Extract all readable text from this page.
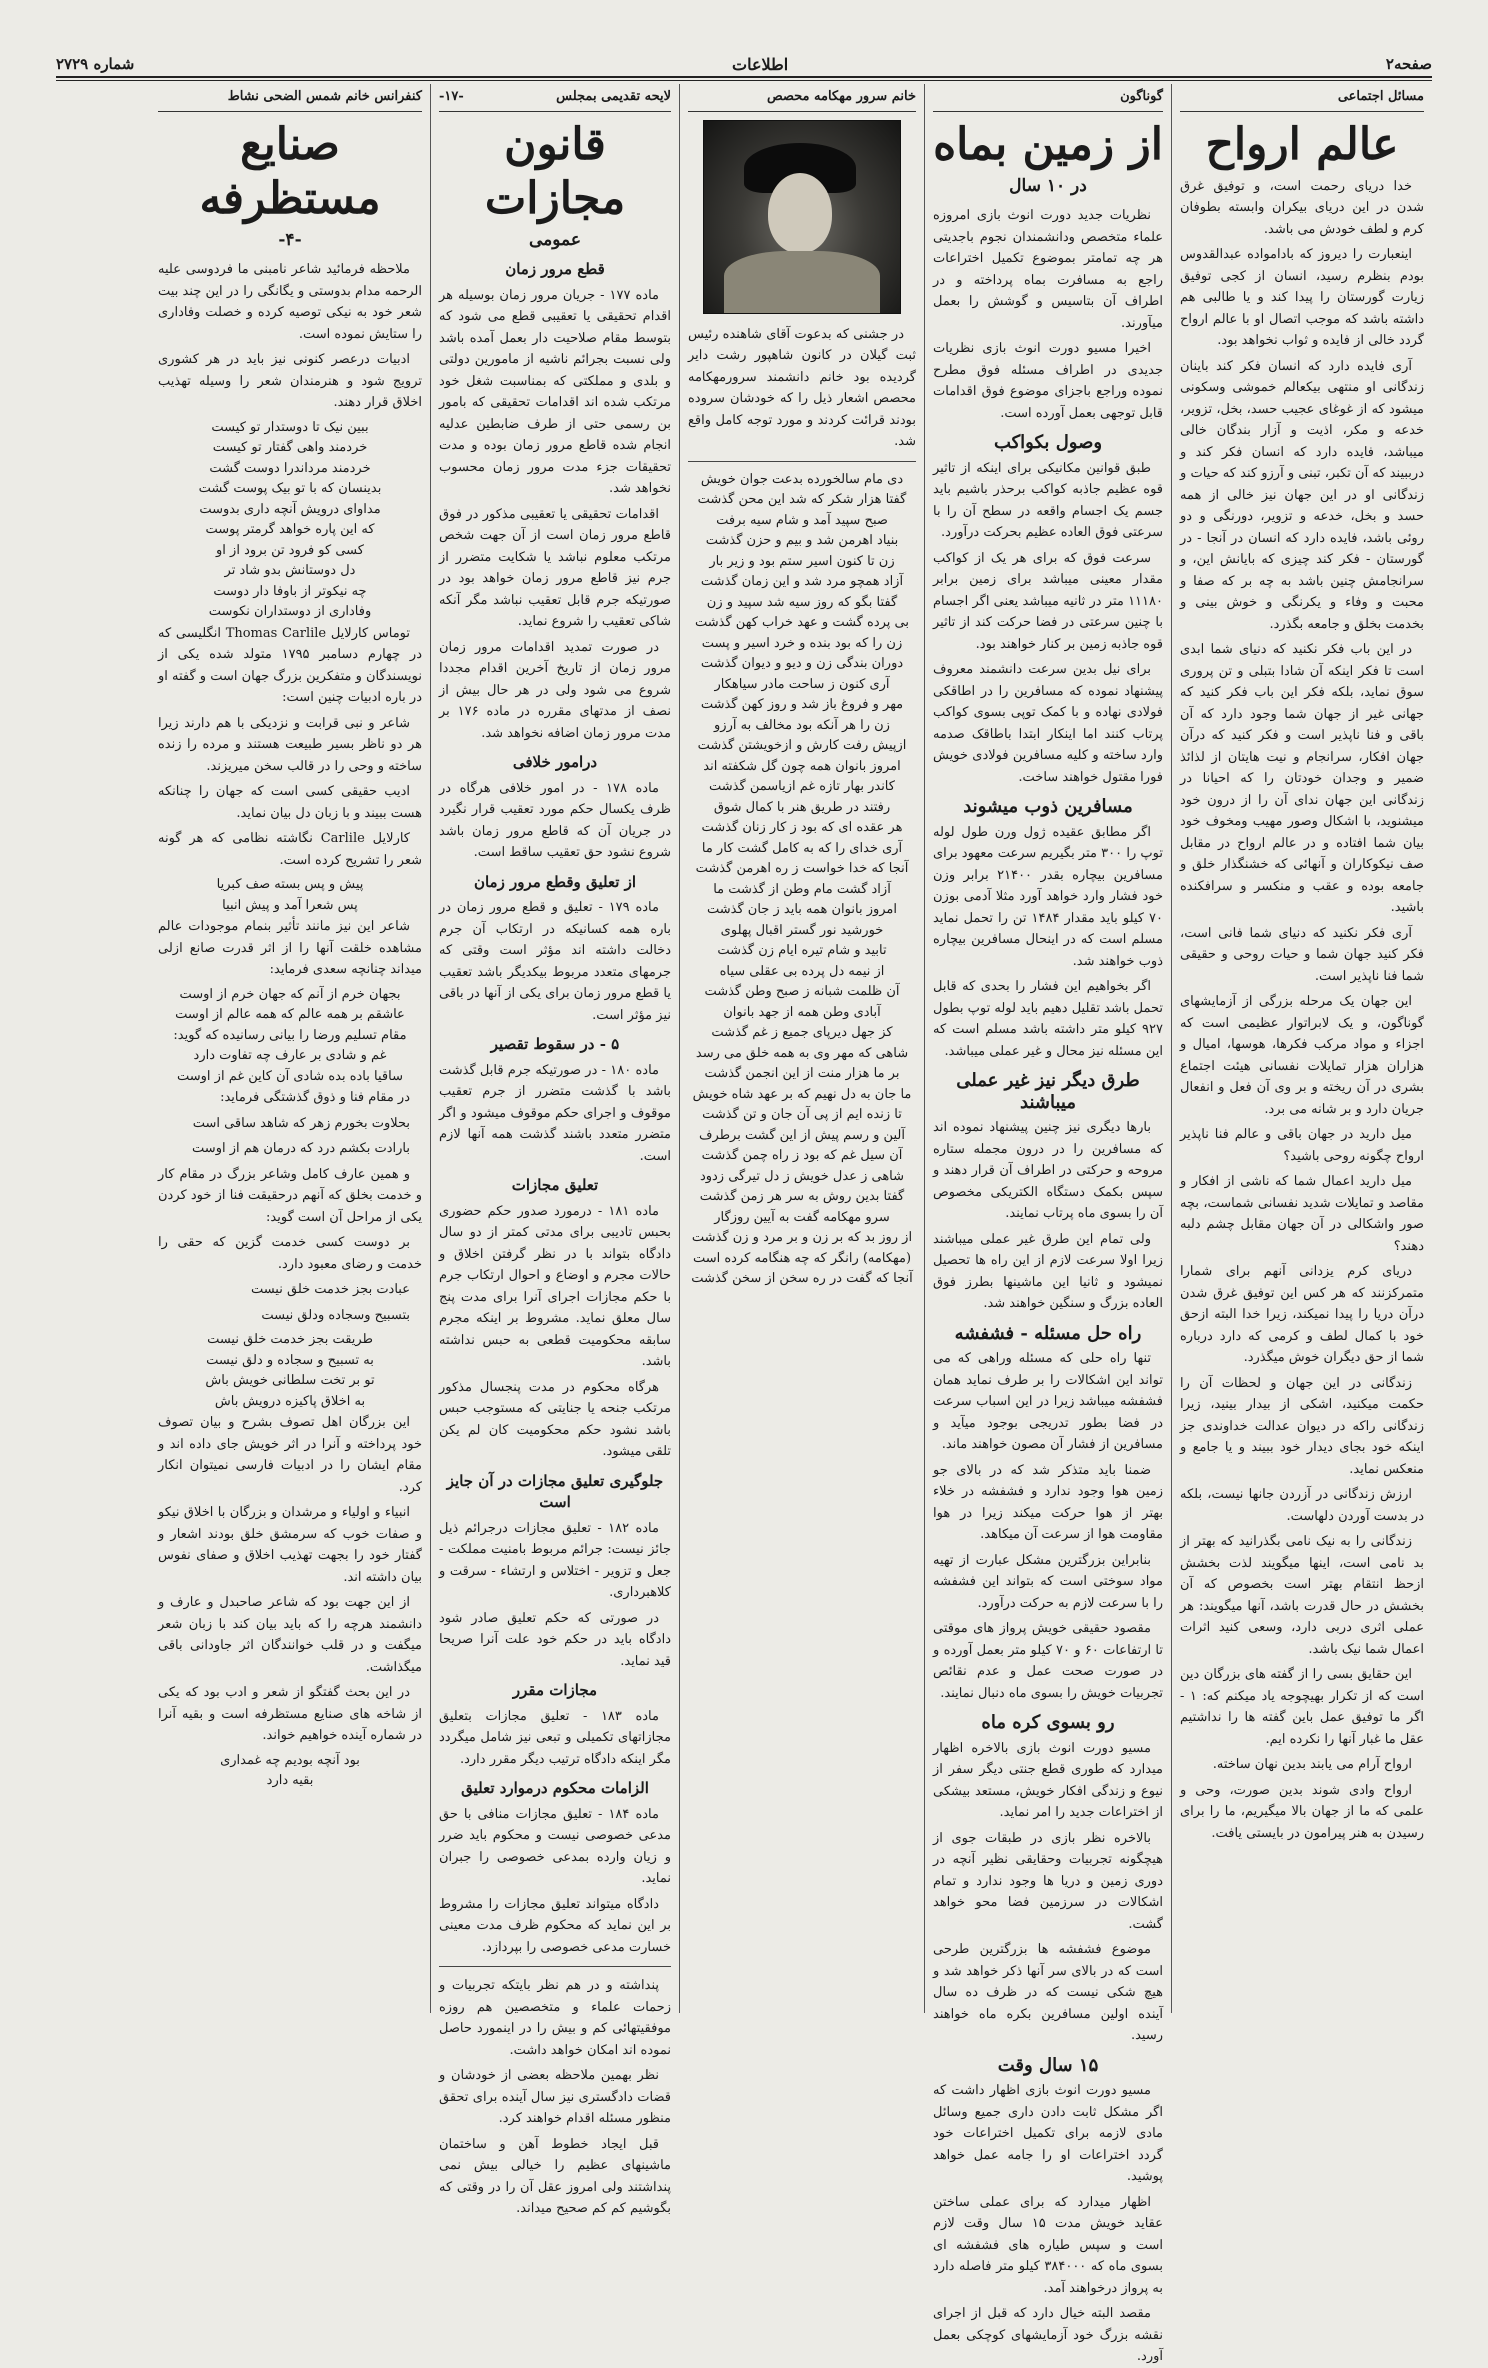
صفحه۲
اطلاعات
شماره ۲۷۲۹
مسائل اجتماعی
عالم ارواح

خدا دریای رحمت است، و توفیق غرق شدن در این دریای بیکران وابسته بطوفان کرم و لطف خودش می باشد.

اینعبارت را دیروز که بادامواده عبدالقدوس بودم بنظرم رسید، انسان از کجی توفیق زیارت گورستان را پیدا کند و یا طالبی هم داشته باشد که موجب اتصال او با عالم ارواح گردد خالی از فایده و ثواب نخواهد بود.

آری فایده دارد که انسان فکر کند باینان زندگانی او منتهی بیکعالم خموشی وسکونی میشود که از غوغای عجیب حسد، بخل، تزویر، خدعه و مکر، اذیت و آزار بندگان خالی میباشد، فایده دارد که انسان فکر کند و درببیند که آن تکبر، تبنی و آرزو کند که حیات و زندگانی او در این جهان نیز خالی از همه حسد و بخل، خدعه و تزویر، دورنگی و دو روئی باشد، فایده دارد که انسان در آنجا - در گورستان - فکر کند چیزی که بایانش این، و سرانجامش چنین باشد به چه بر که صفا و محبت و وفاء و یکرنگی و خوش بینی و بخدمت بخلق و جامعه بگذرد.

در این باب فکر نکنید که دنیای شما ابدی است تا فکر اینکه آن شادا بتبلی و تن پروری سوق نماید، بلکه فکر این باب فکر کنید که جهانی غیر از جهان شما وجود دارد که آن باقی و فنا ناپذیر است و فکر کنید که درآن جهان افکار، سرانجام و نیت هایتان از لذائذ ضمیر و وجدان خودتان را که احیانا در زندگانی این جهان ندای آن را از درون خود میشنوید، با اشکال وصور مهیب ومخوف خود بیان شما افتاده و در عالم ارواح در مقابل صف نیکوکاران و آنهائی که خشنگذار خلق و جامعه بوده و عقب و منکسر و سرافکنده باشید.

آری فکر نکنید که دنیای شما فانی است، فکر کنید جهان شما و حیات روحی و حقیقی شما فنا ناپذیر است.

این جهان یک مرحله بزرگی از آزمایشهای گوناگون، و یک لابراتوار عظیمی است که اجزاء و مواد مرکب فکرها، هوسها، امیال و هزاران هزار تمایلات نفسانی هیئت اجتماع بشری در آن ریخته و بر وی آن فعل و انفعال جریان دارد و بر شانه می برد.

میل دارید در جهان باقی و عالم فنا ناپذیر ارواح چگونه روحی باشید؟

میل دارید اعمال شما که ناشی از افکار و مقاصد و تمایلات شدید نفسانی شماست، بچه صور واشکالی در آن جهان مقابل چشم دلبه دهند؟

دریای کرم یزدانی آنهم برای شمارا متمرکزنند که هر کس این توفیق غرق شدن درآن دریا را پیدا نمیکند، زیرا خدا البته ازحق خود با کمال لطف و کرمی که دارد درباره شما از حق دیگران خوش میگذرد.

زندگانی در این جهان و لحظات آن را حکمت میکنید، اشکی از بیدار بینید، زیرا زندگانی راکه در دیوان عدالت خداوندی جز اینکه خود بجای دیدار خود ببیند و یا جامع و منعکس نماید.

ارزش زندگانی در آزردن جانها نیست، بلکه در بدست آوردن دلهاست.

زندگانی را به نیک نامی بگذرانید که بهتر از بد نامی است، اینها میگویند لذت بخشش ازحظ انتقام بهتر است بخصوص که آن بخشش در حال قدرت باشد، آنها میگویند: هر عملی اثری دربی دارد، وسعی کنید اثرات اعمال شما نیک باشد.

این حقایق بسی را از گفته های بزرگان دین است که از تکرار بهیچوجه یاد میکنم که: ۱ - اگر ما توفیق عمل باین گفته ها را نداشتیم عقل ما غبار آنها را نکرده ایم.

ارواح آرام می یابند بدین نهان ساخته.

ارواح وادی شوند بدین صورت، وحی و علمی که ما از جهان بالا میگیریم، ما را برای رسیدن به هنر پیرامون در بایستی یافت.

گوناگون
از زمین بماه
در ۱۰ سال

نظریات جدید دورت انوث بازی امروزه علماء متخصص ودانشمندان نجوم باجدیتی هر چه تمامتر بموضوع تکمیل اختراعات راجع به مسافرت بماه پرداخته و در اطراف آن بتاسیس و گوشش را بعمل میآورند.

اخیرا مسیو دورت انوث بازی نظریات جدیدی در اطراف مسئله فوق مطرح نموده وراجع باجزای موضوع فوق اقدامات قابل توجهی بعمل آورده است.

وصول بکواکب

طبق قوانین مکانیکی برای اینکه از تاثیر قوه عظیم جاذبه کواکب برحذر باشیم باید جسم یک اجسام واقعه در سطح آن را با سرعتی فوق العاده عظیم بحرکت درآورد.

سرعت فوق که برای هر یک از کواکب مقدار معینی میباشد برای زمین برابر ۱۱۱۸۰ متر در ثانیه میباشد یعنی اگر اجسام با چنین سرعتی در فضا حرکت کند از تاثیر قوه جاذبه زمین بر کنار خواهند بود.

برای نیل بدین سرعت دانشمند معروف پیشنهاد نموده که مسافرین را در اطاقکی فولادی نهاده و با کمک توپی بسوی کواکب پرتاب کنند اما اینکار ابتدا باطاقک صدمه وارد ساخته و کلیه مسافرین فولادی خویش فورا مقتول خواهند ساخت.

مسافرین ذوب میشوند

اگر مطابق عقیده ژول ورن طول لوله توپ را ۳۰۰ متر بگیریم سرعت معهود برای مسافرین بیچاره بقدر ۲۱۴۰۰ برابر وزن خود فشار وارد خواهد آورد مثلا آدمی بوزن ۷۰ کیلو باید مقدار ۱۴۸۴ تن را تحمل نماید مسلم است که در اینحال مسافرین بیچاره ذوب خواهند شد.

اگر بخواهیم این فشار را بحدی که قابل تحمل باشد تقلیل دهیم باید لوله توپ بطول ۹۲۷ کیلو متر داشته باشد مسلم است که این مسئله نیز محال و غیر عملی میباشد.

طرق دیگر نیز غیر عملی میباشند

بارها دیگری نیز چنین پیشنهاد نموده اند که مسافرین را در درون مجمله ستاره مروحه و حرکتی در اطراف آن قرار دهند و سپس بکمک دستگاه الکتریکی مخصوص آن را بسوی ماه پرتاب نمایند.

ولی تمام این طرق غیر عملی میباشند زیرا اولا سرعت لازم از این راه ها تحصیل نمیشود و ثانیا این ماشینها بطرز فوق العاده بزرگ و سنگین خواهند شد.

راه حل مسئله - فشفشه

تنها راه حلی که مسئله وراهی که می تواند این اشکالات را بر طرف نماید همان فشفشه میباشد زیرا در این اسباب سرعت در فضا بطور تدریجی بوجود میآید و مسافرین از فشار آن مصون خواهند ماند.

ضمنا باید متذکر شد که در بالای جو زمین هوا وجود ندارد و فشفشه در خلاء بهتر از هوا حرکت میکند زیرا در هوا مقاومت هوا از سرعت آن میکاهد.

بنابراین بزرگترین مشکل عبارت از تهیه مواد سوختی است که بتواند این فشفشه را با سرعت لازم به حرکت درآورد.

مقصود حقیقی خویش پرواز های موقتی تا ارتفاعات ۶۰ و ۷۰ کیلو متر بعمل آورده و در صورت صحت عمل و عدم نقائص تجربیات خویش را بسوی ماه دنبال نمایند.

رو بسوی کره ماه

مسیو دورت انوث بازی بالاخره اظهار میدارد که طوری قطع جنتی دیگر سفر از نیوع و زندگی افکار خویش، مستعد بیشکی از اختراعات جدید را امر نماید.

بالاخره نظر بازی در طبقات جوی از هیچگونه تجربیات وحقایقی نظیر آنچه در دوری زمین و دریا ها وجود ندارد و تمام اشکالات در سرزمین فضا محو خواهد گشت.

موضوع فشفشه ها بزرگترین طرحی است که در بالای سر آنها ذکر خواهد شد و هیچ شکی نیست که در ظرف ده سال آینده اولین مسافرین بکره ماه خواهند رسید.

۱۵ سال وقت

مسیو دورت انوث بازی اظهار داشت که اگر مشکل ثابت دادن داری جمیع وسائل مادی لازمه برای تکمیل اختراعات خود گردد اختراعات او را جامه عمل خواهد پوشید.

اظهار میدارد که برای عملی ساختن عقاید خویش مدت ۱۵ سال وقت لازم است و سپس طیاره های فشفشه ای بسوی ماه که ۳۸۴۰۰۰ کیلو متر فاصله دارد به پرواز درخواهند آمد.

مقصد البته خیال دارد که قبل از اجرای نقشه بزرگ خود آزمایشهای کوچکی بعمل آورد.

خانم سرور مهکامه محصص

در جشنی که بدعوت آقای شاهنده رئیس ثبت گیلان در کانون شاهپور رشت دایر گردیده بود خانم دانشمند سرورمهکامه محصص اشعار ذیل را که خودشان سروده بودند قرائت کردند و مورد توجه کامل واقع شد.

دی‌ مام سالخورده بدعت جوان خویش

گفتا هزار شکر که شد این محن گذشت

صبح سپید آمد و شام سیه برفت

بنیاد اهرمن شد و بیم و حزن گذشت

زن تا کنون اسیر ستم بود و زیر بار

آزاد همچو مرد شد و این زمان گذشت

گفتا بگو که روز سیه شد سپید و زن

بی پرده گشت و عهد خراب کهن گذشت

زن را که بود بنده و خرد اسیر و پست

دوران بندگی زن و دیو و دیوان گذشت

آری کنون ز ساحت مادر سیاهکار

مهر و فروغ باز شد و روز کهن گذشت

زن را هر آنکه بود مخالف به آرزو

ازپیش رفت کارش و ازخویشتن گذشت

امروز بانوان همه چون گل شکفته اند

کاندر بهار تازه غم ازیاسمن گذشت

رفتند در طریق هنر با کمال شوق

هر عقده ای که بود ز کار زنان گذشت

آری خدای را که به کامل گشت کار ما

آنجا که خدا خواست ز ره اهرمن گذشت

آزاد گشت مام وطن از گذشت ما

امروز بانوان همه باید ز جان گذشت

خورشید نور گستر اقبال پهلوی

تابید و شام تیره ایام زن گذشت

از نیمه دل پرده بی عقلی سیاه

آن ظلمت شبانه ز صبح وطن گذشت

آبادی وطن همه از جهد بانوان

کز جهل دیرپای جمیع ز غم گذشت

شاهی که مهر وی به همه خلق می رسد

بر ما هزار منت از این انجمن گذشت

ما جان به دل نهیم که بر عهد شاه خویش

تا زنده ایم از پی آن جان و تن گذشت

آلین و رسم پیش از این گشت برطرف

آن سیل غم که بود ز راه چمن گذشت

شاهی ز عدل خویش ز دل تیرگی زدود

گفتا بدین روش به سر هر زمن گذشت

سرو مهکامه گفت به آیین روزگار

از روز بد که بر زن و بر مرد و زن گذشت

(مهکامه) رانگر که چه هنگامه کرده است

آنجا که گفت در ره سخن از سخن گذشت

لایحه تقدیمی بمجلس
-۱۷-
قانون مجازات
عمومی
قطع مرور زمان

ماده ۱۷۷ - جریان مرور زمان بوسیله هر اقدام تحقیقی یا تعقیبی قطع می شود که بتوسط مقام صلاحیت دار بعمل آمده باشد ولی نسبت بجرائم ناشیه از مامورین دولتی و بلدی و مملکتی که بمناسبت شغل خود مرتکب شده اند اقدامات تحقیقی که بامور بن رسمی حتی از طرف ضابطین عدلیه انجام شده قاطع مرور زمان بوده و مدت تحقیقات جزء مدت مرور زمان محسوب نخواهد شد.

اقدامات تحقیقی یا تعقیبی مذکور در فوق قاطع مرور زمان است از آن جهت شخص مرتکب معلوم نباشد یا شکایت متضرر از جرم نیز قاطع مرور زمان خواهد بود در صورتیکه جرم قابل تعقیب نباشد مگر آنکه شاکی تعقیب را شروع نماید.

در صورت تمدید اقدامات مرور زمان مرور زمان از تاریخ آخرین اقدام مجددا شروع می شود ولی در هر حال بیش از نصف از مدتهای مقرره در ماده ۱۷۶ بر مدت مرور زمان اضافه نخواهد شد.

درامور خلافی

ماده ۱۷۸ - در امور خلافی هرگاه در ظرف یکسال حکم مورد تعقیب قرار نگیرد در جریان آن که قاطع مرور زمان باشد شروع نشود حق تعقیب ساقط است.

از تعلیق وقطع مرور زمان

ماده ۱۷۹ - تعلیق و قطع مرور زمان در باره همه کسانیکه در ارتکاب آن جرم دخالت داشته اند مؤثر است وقتی که جرمهای متعدد مربوط بیکدیگر باشد تعقیب یا قطع مرور زمان برای یکی از آنها در باقی نیز مؤثر است.

۵ - در سقوط تقصیر

ماده ۱۸۰ - در صورتیکه جرم قابل گذشت باشد با گذشت متضرر از جرم تعقیب موقوف و اجرای حکم موقوف میشود و اگر متضرر متعدد باشند گذشت همه آنها لازم است.

تعلیق مجازات

ماده ۱۸۱ - درمورد صدور حکم حضوری بحبس تادیبی برای مدتی کمتر از دو سال دادگاه بتواند با در نظر گرفتن اخلاق و حالات مجرم و اوضاع و احوال ارتکاب جرم با حکم مجازات اجرای آنرا برای مدت پنج سال معلق نماید. مشروط بر اینکه مجرم سابقه محکومیت قطعی به حبس نداشته باشد.

هرگاه محکوم در مدت پنجسال مذکور مرتکب جنحه یا جنایتی که مستوجب حبس باشد نشود حکم محکومیت کان لم یکن تلقی میشود.

جلوگیری تعلیق مجازات در آن جایز است

ماده ۱۸۲ - تعلیق مجازات درجرائم ذیل جائز نیست: جرائم مربوط بامنیت مملکت - جعل و تزویر - اختلاس و ارتشاء - سرقت و کلاهبرداری.

در صورتی که حکم تعلیق صادر شود دادگاه باید در حکم خود علت آنرا صریحا قید نماید.

مجازات مقرر

ماده ۱۸۳ - تعلیق مجازات بتعلیق مجازاتهای تکمیلی و تبعی نیز شامل میگردد مگر اینکه دادگاه ترتیب دیگر مقرر دارد.

الزامات محکوم درموارد تعلیق

ماده ۱۸۴ - تعلیق مجازات منافی با حق مدعی خصوصی نیست و محکوم باید ضرر و زیان وارده بمدعی خصوصی را جبران نماید.

دادگاه میتواند تعلیق مجازات را مشروط بر این نماید که محکوم ظرف مدت معینی خسارت مدعی خصوصی را بپردازد.

پنداشته و در هم نظر بایتکه تجربیات و زحمات علماء و متخصصین هم روزه موفقیتهائی کم و بیش را در اینمورد حاصل نموده اند امکان خواهد داشت.

نظر بهمین ملاحظه بعضی از خودشان و قضات دادگستری نیز سال آینده برای تحقق منظور مسئله اقدام خواهند کرد.

قبل ایجاد خطوط آهن و ساختمان ماشینهای عظیم را خیالی بیش نمی پنداشتند ولی امروز عقل آن را در وقتی که بگوشیم کم کم صحیح میداند.

کنفرانس خانم شمس الضحی نشاط
صنایع مستظرفه
-۴-

ملاحظه فرمائید شاعر نامبنی ما فردوسی علیه الرحمه مدام بدوستی و یگانگی را در این چند بیت شعر خود به نیکی توصیه کرده و خصلت وفاداری را ستایش نموده است.

ادبیات درعصر کنونی نیز باید در هر کشوری ترویج شود و هنرمندان شعر را وسیله تهذیب اخلاق قرار دهند.

ببین نیک تا دوستدار تو کیست

خردمند واهی گفتار تو کیست

خردمند مرداندرا دوست گشت

بدینسان که با تو بیک پوست گشت

مداوای درویش آنچه داری بدوست

که این پاره خواهد گرمتر پوست

کسی کو فرود تن برود از او

دل دوستانش بدو شاد تر

چه نیکوتر از باوفا دار دوست

وفاداری از دوستداران نکوست

توماس کارلایل Thomas Carlile انگلیسی که در چهارم دسامبر ۱۷۹۵ متولد شده یکی از نویسندگان و متفکرین بزرگ جهان است و گفته او در باره ادبیات چنین است:

شاعر و نبی قرابت و نزدیکی با هم دارند زیرا هر دو ناظر بسیر طبیعت هستند و مرده را زنده ساخته و وحی را در قالب سخن میریزند.

ادیب حقیقی کسی است که جهان را چنانکه هست ببیند و با زبان دل بیان نماید.

کارلایل Carlile نگاشته نظامی که هر گونه شعر را تشریح کرده است.

پیش و پس بسته صف کبریا

پس شعرا آمد و پیش انبیا

شاعر این نیز مانند تأثیر بنمام موجودات عالم مشاهده خلقت آنها را از اثر قدرت صانع ازلی میداند چنانچه سعدی فرماید:

بجهان خرم از آنم که جهان خرم از اوست

عاشقم بر همه عالم که همه عالم از اوست

مقام تسلیم ورضا را بیانی رسانیده که گوید:

غم و شادی بر عارف چه تفاوت دارد

ساقیا باده بده شادی آن کاین غم از اوست

در مقام فنا و ذوق گذشتگی فرماید:

بحلاوت بخورم زهر که شاهد ساقی است

بارادت بکشم درد که درمان هم از اوست

و همین عارف کامل وشاعر بزرگ در مقام کار و خدمت بخلق که آنهم درحقیقت فنا از خود کردن یکی از مراحل آن است گوید:

بر دوست کسی خدمت گزین که حقی را خدمت و رضای معبود دارد.

عبادت بجز خدمت خلق نیست

بتسبیح وسجاده ودلق نیست

طریقت بجز خدمت خلق نیست

به تسبیح و سجاده و دلق نیست

تو بر تخت سلطانی خویش باش

به اخلاق پاکیزه درویش باش

این بزرگان اهل تصوف بشرح و بیان تصوف خود پرداخته و آنرا در اثر خویش جای داده اند و مقام ایشان را در ادبیات فارسی نمیتوان انکار کرد.

انبیاء و اولیاء و مرشدان و بزرگان با اخلاق نیکو و صفات خوب که سرمشق خلق بودند اشعار و گفتار خود را بجهت تهذیب اخلاق و صفای نفوس بیان داشته اند.

از این جهت بود که شاعر صاحبدل و عارف و دانشمند هرچه را که باید بیان کند با زبان شعر میگفت و در قلب خوانندگان اثر جاودانی باقی میگذاشت.

در این بحث گفتگو از شعر و ادب بود که یکی از شاخه های صنایع مستظرفه است و بقیه آنرا در شماره آینده خواهیم خواند.

بود آنچه بودیم چه غمداری

بقیه دارد
